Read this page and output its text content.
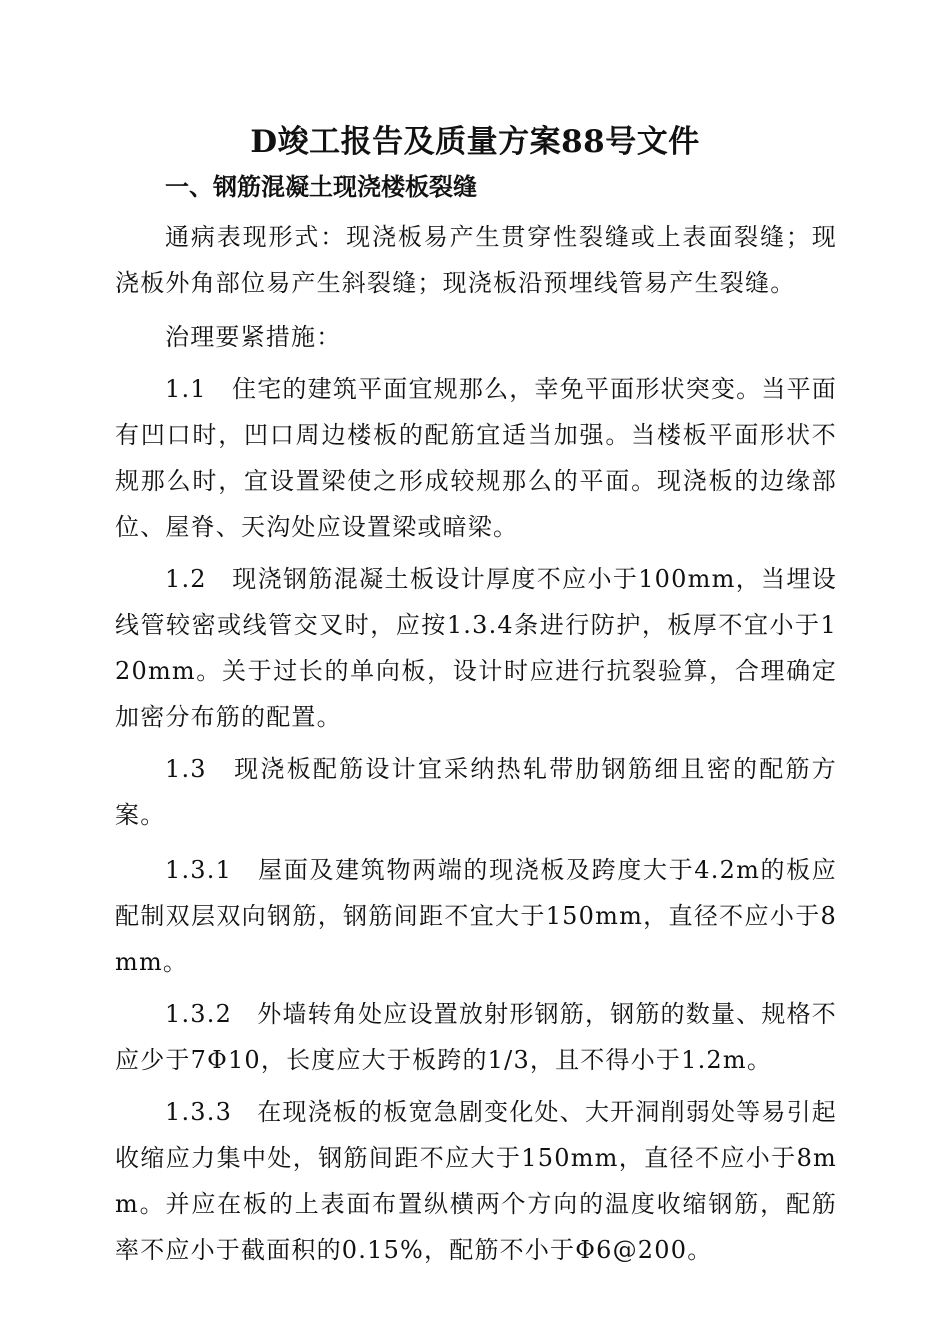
D竣工报告及质量方案88号文件
一、钢筋混凝土现浇楼板裂缝

通病表现形式：现浇板易产生贯穿性裂缝或上表面裂缝；现浇板外角部位易产生斜裂缝；现浇板沿预埋线管易产生裂缝。

治理要紧措施：

1.1　住宅的建筑平面宜规那么，幸免平面形状突变。当平面有凹口时，凹口周边楼板的配筋宜适当加强。当楼板平面形状不规那么时，宜设置梁使之形成较规那么的平面。现浇板的边缘部位、屋脊、天沟处应设置梁或暗梁。

1.2　现浇钢筋混凝土板设计厚度不应小于100mm，当埋设线管较密或线管交叉时，应按1.3.4条进行防护，板厚不宜小于120mm。关于过长的单向板，设计时应进行抗裂验算，合理确定加密分布筋的配置。

1.3　现浇板配筋设计宜采纳热轧带肋钢筋细且密的配筋方案。

1.3.1　屋面及建筑物两端的现浇板及跨度大于4.2m的板应配制双层双向钢筋，钢筋间距不宜大于150mm，直径不应小于8mm。

1.3.2　外墙转角处应设置放射形钢筋，钢筋的数量、规格不应少于7Φ10，长度应大于板跨的1/3，且不得小于1.2m。

1.3.3　在现浇板的板宽急剧变化处、大开洞削弱处等易引起收缩应力集中处，钢筋间距不应大于150mm，直径不应小于8mm。并应在板的上表面布置纵横两个方向的温度收缩钢筋，配筋率不应小于截面积的0.15%，配筋不小于Φ6@200。
